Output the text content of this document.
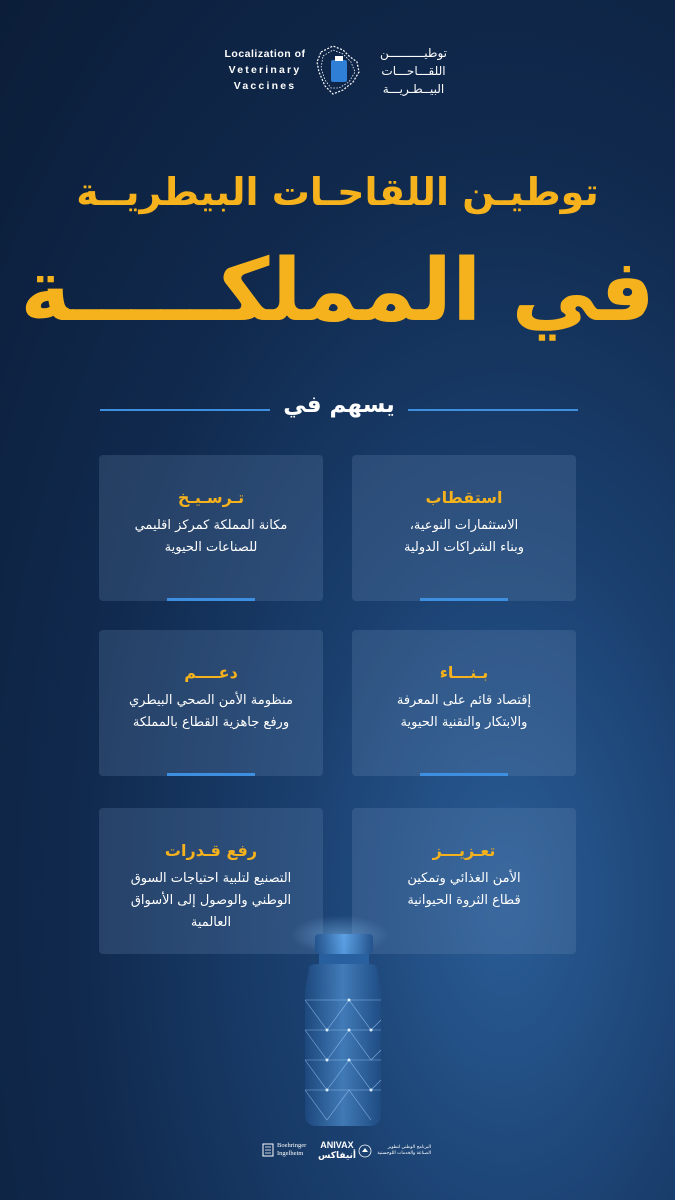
Localization of
Veterinary
Vaccines
توطيــــــــــن
اللقـــاحـــات
البيــطـريـــة
توطيـن اللقاحـات البيطريــة
في المملكـــــة
يسهم في
استقطاب
الاستثمارات النوعية،
وبناء الشراكات الدولية
تـرسـيـخ
مكانة المملكة كمركز اقليمي
للصناعات الحيوية
بـنـــاء
إقتصاد قائم على المعرفة
والابتكار والتقنية الحيوية
دعــــم
منظومة الأمن الصحي البيطري
ورفع جاهزية القطاع بالمملكة
تعـزيـــز
الأمن الغذائي وتمكين
قطاع الثروة الحيوانية
رفع قـدرات
التصنيع لتلبية احتياجات السوق
الوطني والوصول إلى الأسواق العالمية
Boehringer
Ingelheim
ANIVAX
أنيفاكس
البرنامج الوطني لتطوير
الصناعة والخدمات اللوجستية
